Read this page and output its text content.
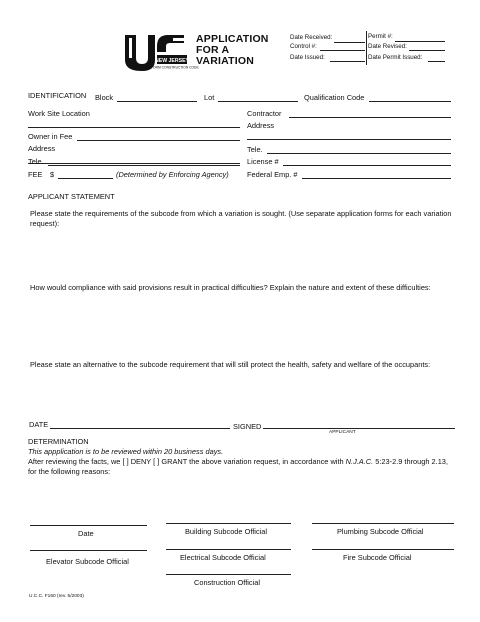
NEW JERSEY
UNIFORM CONSTRUCTION CODE
APPLICATION
FOR A
VARIATION
Date Received:
Control #:
Date Issued:
Permit #:
Date Revised:
Date Permit Issued:
IDENTIFICATION Block	Lot	Qualification Code
Work Site Location
Owner in Fee
Address
Tele.
FEE $	(Determined by Enforcing Agency)
Contractor
Address
Tele.
License #
Federal Emp. #
APPLICANT STATEMENT
Please state the requirements of the subcode from which a variation is sought. (Use separate application forms for each variation request):
How would compliance with said provisions result in practical difficulties? Explain the nature and extent of these difficulties:
Please state an alternative to the subcode requirement that will still protect the health, safety and welfare of the occupants:
DATE	SIGNED
APPLICANT
DETERMINATION
This appplication is to be reviewed within 20 business days.
After reviewing the facts, we [ ] DENY [ ] GRANT the above variation request, in accordance with N.J.A.C. 5:23-2.9 through 2.13, for the following reasons:
Date	Building Subcode Official	Plumbing Subcode Official
Elevator Subcode Official	Electrical Subcode Official	Fire Subcode Official
Construction Official
U.C.C. F160 (rev. 5/2003)
